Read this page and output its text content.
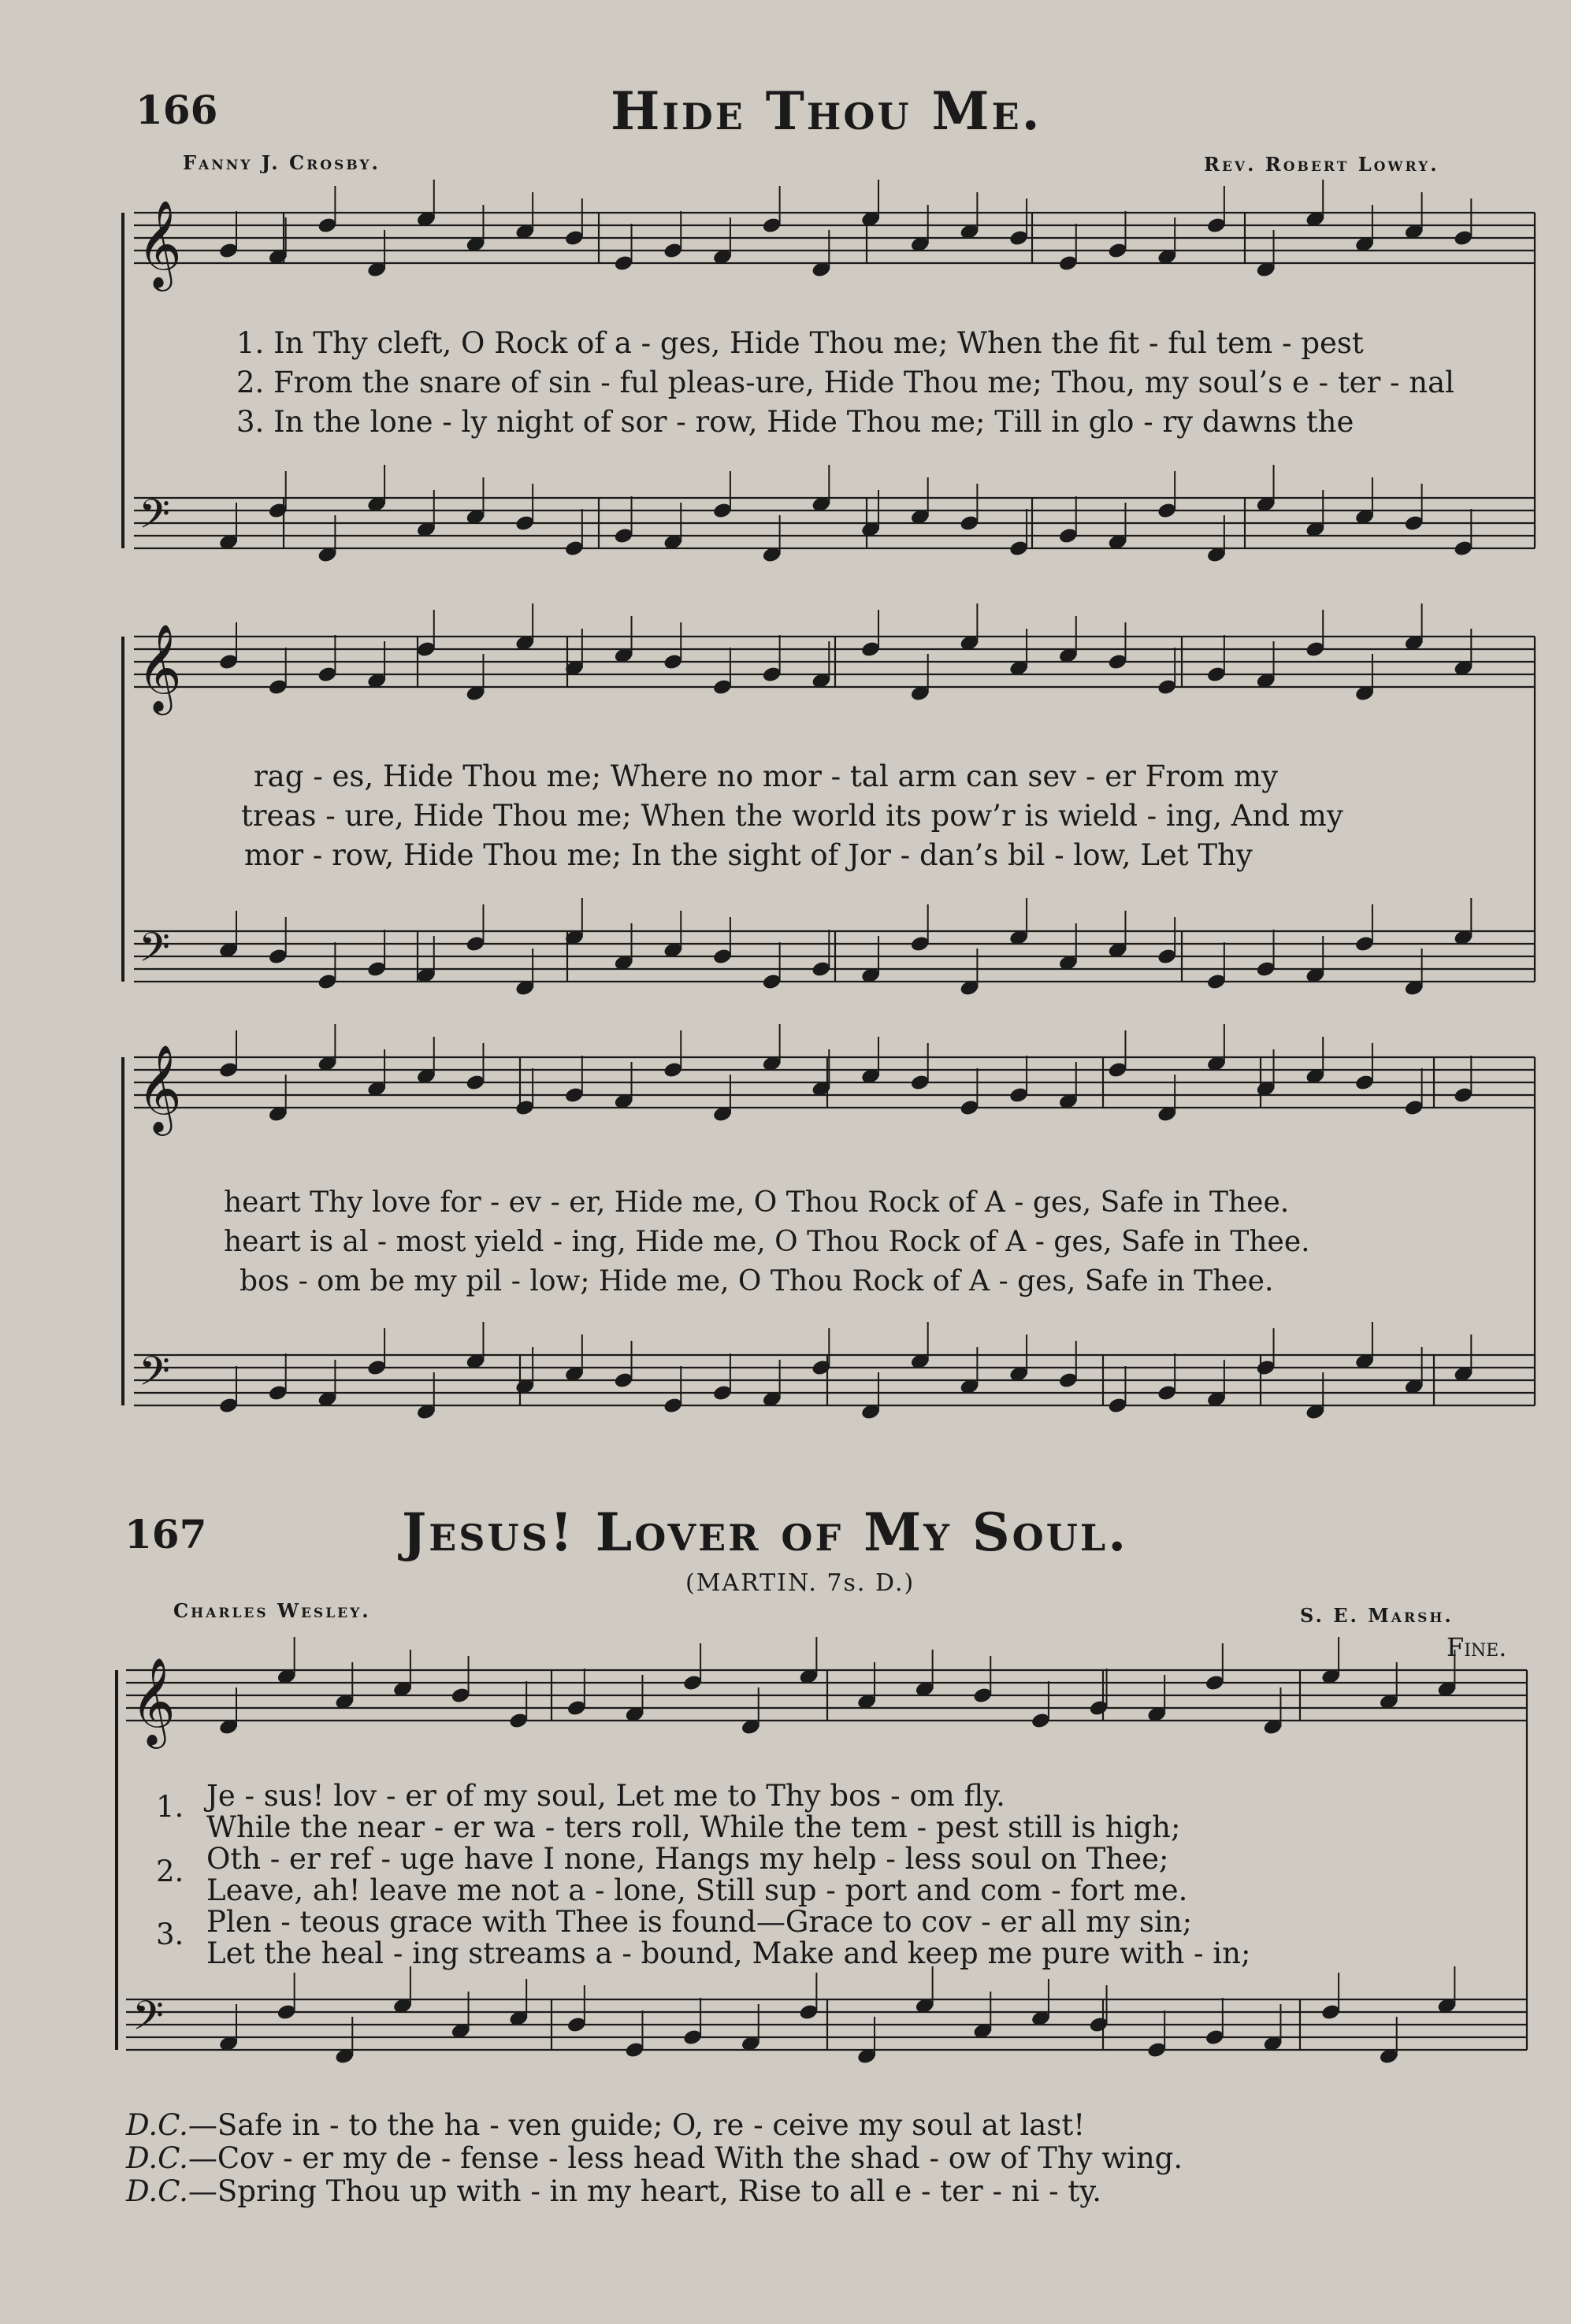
𝄞
𝄢
𝄞
𝄢
𝄞
𝄢
𝄞
𝄢
166	Hide Thou Me.
Fanny J. Crosby.	Rev. Robert Lowry.
1. In Thy cleft, O Rock of a - ges, Hide Thou me; When the fit - ful tem - pest
2. From the snare of sin - ful pleas-ure, Hide Thou me; Thou, my soul’s e - ter - nal
3. In the lone - ly night of sor - row, Hide Thou me; Till in glo - ry dawns the
rag - es, Hide Thou me; Where no mor - tal arm can sev - er From my
treas - ure, Hide Thou me; When the world its pow’r is wield - ing, And my
mor - row, Hide Thou me; In the sight of Jor - dan’s bil - low, Let Thy
heart Thy love for - ev - er, Hide me, O Thou Rock of A - ges, Safe in Thee.
heart is al - most yield - ing, Hide me, O Thou Rock of A - ges, Safe in Thee.
bos - om be my pil - low; Hide me, O Thou Rock of A - ges, Safe in Thee.
167	Jesus! Lover of My Soul.
(MARTIN. 7s. D.)
Charles Wesley.	S. E. Marsh.
Fine.
1. Je - sus! lov - er of my soul, Let me to Thy bos - om fly.
While the near - er wa - ters roll, While the tem - pest still is high;
2. Oth - er ref - uge have I none, Hangs my help - less soul on Thee;
Leave, ah! leave me not a - lone, Still sup - port and com - fort me.
3. Plen - teous grace with Thee is found—Grace to cov - er all my sin;
Let the heal - ing streams a - bound, Make and keep me pure with - in;
D.C.—Safe in - to the ha - ven guide; O, re - ceive my soul at last!
D.C.—Cov - er my de - fense - less head With the shad - ow of Thy wing.
D.C.—Spring Thou up with - in my heart, Rise to all e - ter - ni - ty.
